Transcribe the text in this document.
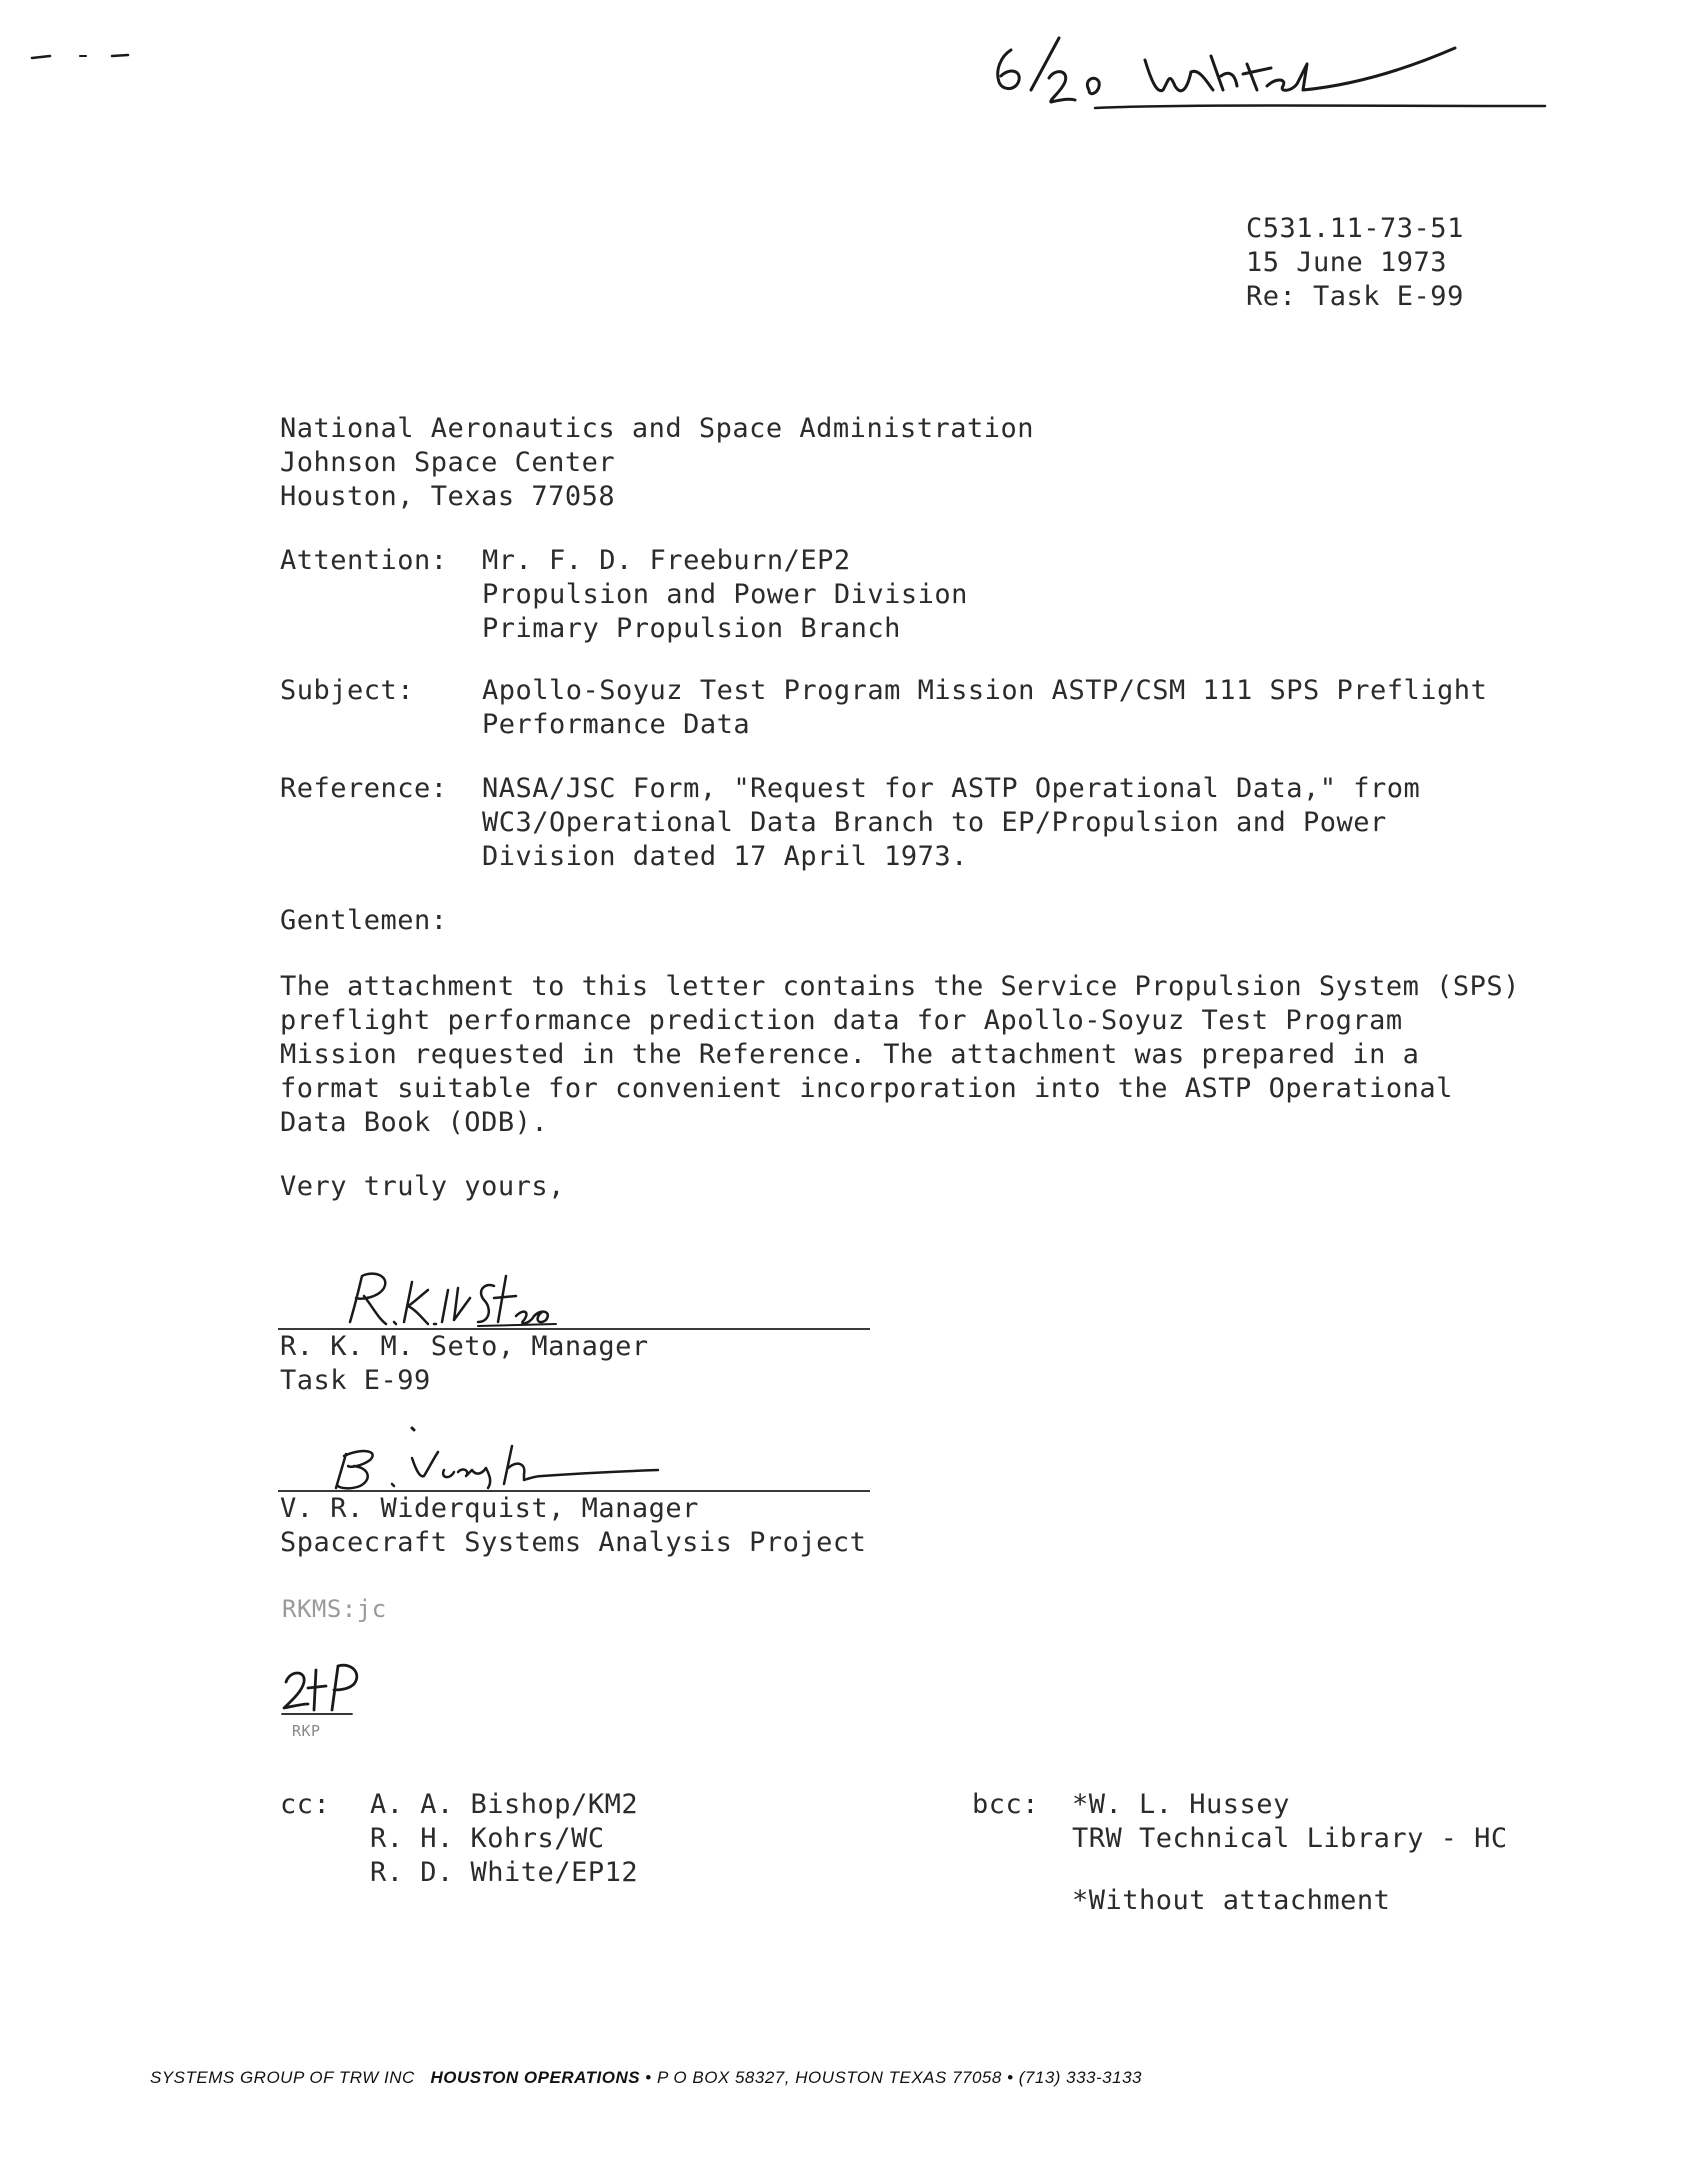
C531.11-73-51
15 June 1973
Re: Task E-99
National Aeronautics and Space Administration
Johnson Space Center
Houston, Texas 77058
Attention: Mr. F. D. Freeburn/EP2
Propulsion and Power Division
Primary Propulsion Branch
Subject:	Apollo-Soyuz Test Program Mission ASTP/CSM 111 SPS Preflight
Performance Data
Reference: NASA/JSC Form, "Request for ASTP Operational Data," from
WC3/Operational Data Branch to EP/Propulsion and Power
Division dated 17 April 1973.
Gentlemen:
The attachment to this letter contains the Service Propulsion System (SPS)
preflight performance prediction data for Apollo-Soyuz Test Program
Mission requested in the Reference. The attachment was prepared in a
format suitable for convenient incorporation into the ASTP Operational
Data Book (ODB).
Very truly yours,
R. K. M. Seto, Manager
Task E-99
V. R. Widerquist, Manager
Spacecraft Systems Analysis Project
RKMS:jc
RKP
cc: A. A. Bishop/KM2
R. H. Kohrs/WC
R. D. White/EP12
bcc: *W. L. Hussey
TRW Technical Library - HC
*Without attachment
SYSTEMS GROUP OF TRW INC HOUSTON OPERATIONS • P O BOX 58327, HOUSTON TEXAS 77058 • (713) 333-3133
